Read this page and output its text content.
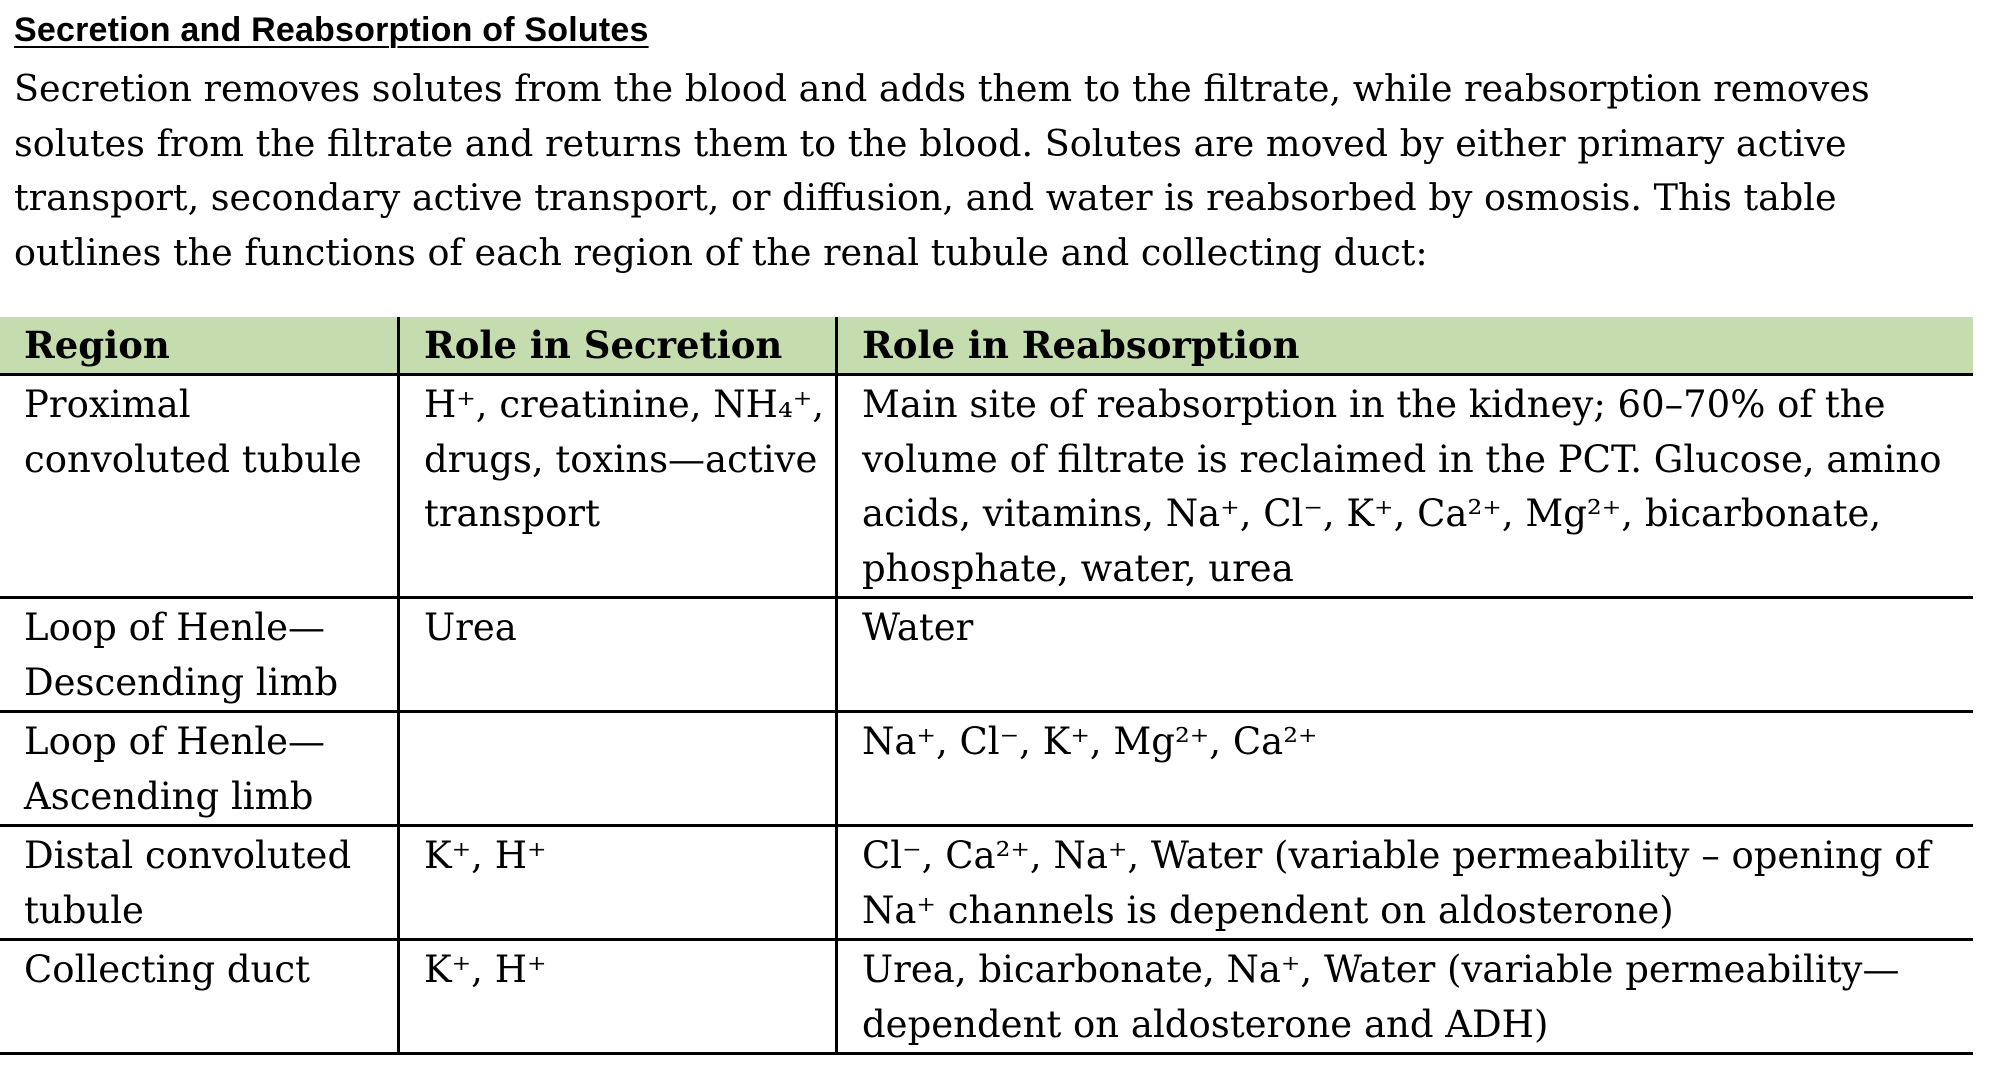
Secretion and Reabsorption of Solutes

Secretion removes solutes from the blood and adds them to the filtrate, while reabsorption removes solutes from the filtrate and returns them to the blood. Solutes are moved by either primary active transport, secondary active transport, or diffusion, and water is reabsorbed by osmosis. This table outlines the functions of each region of the renal tubule and collecting duct:

Region	Role in Secretion	Role in Reabsorption
Proximal convoluted tubule	H⁺, creatinine, NH₄⁺, drugs, toxins—active transport	Main site of reabsorption in the kidney; 60–70% of the volume of filtrate is reclaimed in the PCT. Glucose, amino acids, vitamins, Na⁺, Cl⁻, K⁺, Ca²⁺, Mg²⁺, bicarbonate, phosphate, water, urea
Loop of Henle—Descending limb	Urea	Water
Loop of Henle—Ascending limb		Na⁺, Cl⁻, K⁺, Mg²⁺, Ca²⁺
Distal convoluted tubule	K⁺, H⁺	Cl⁻, Ca²⁺, Na⁺, Water (variable permeability – opening of Na⁺ channels is dependent on aldosterone)
Collecting duct	K⁺, H⁺	Urea, bicarbonate, Na⁺, Water (variable permeability—dependent on aldosterone and ADH)
